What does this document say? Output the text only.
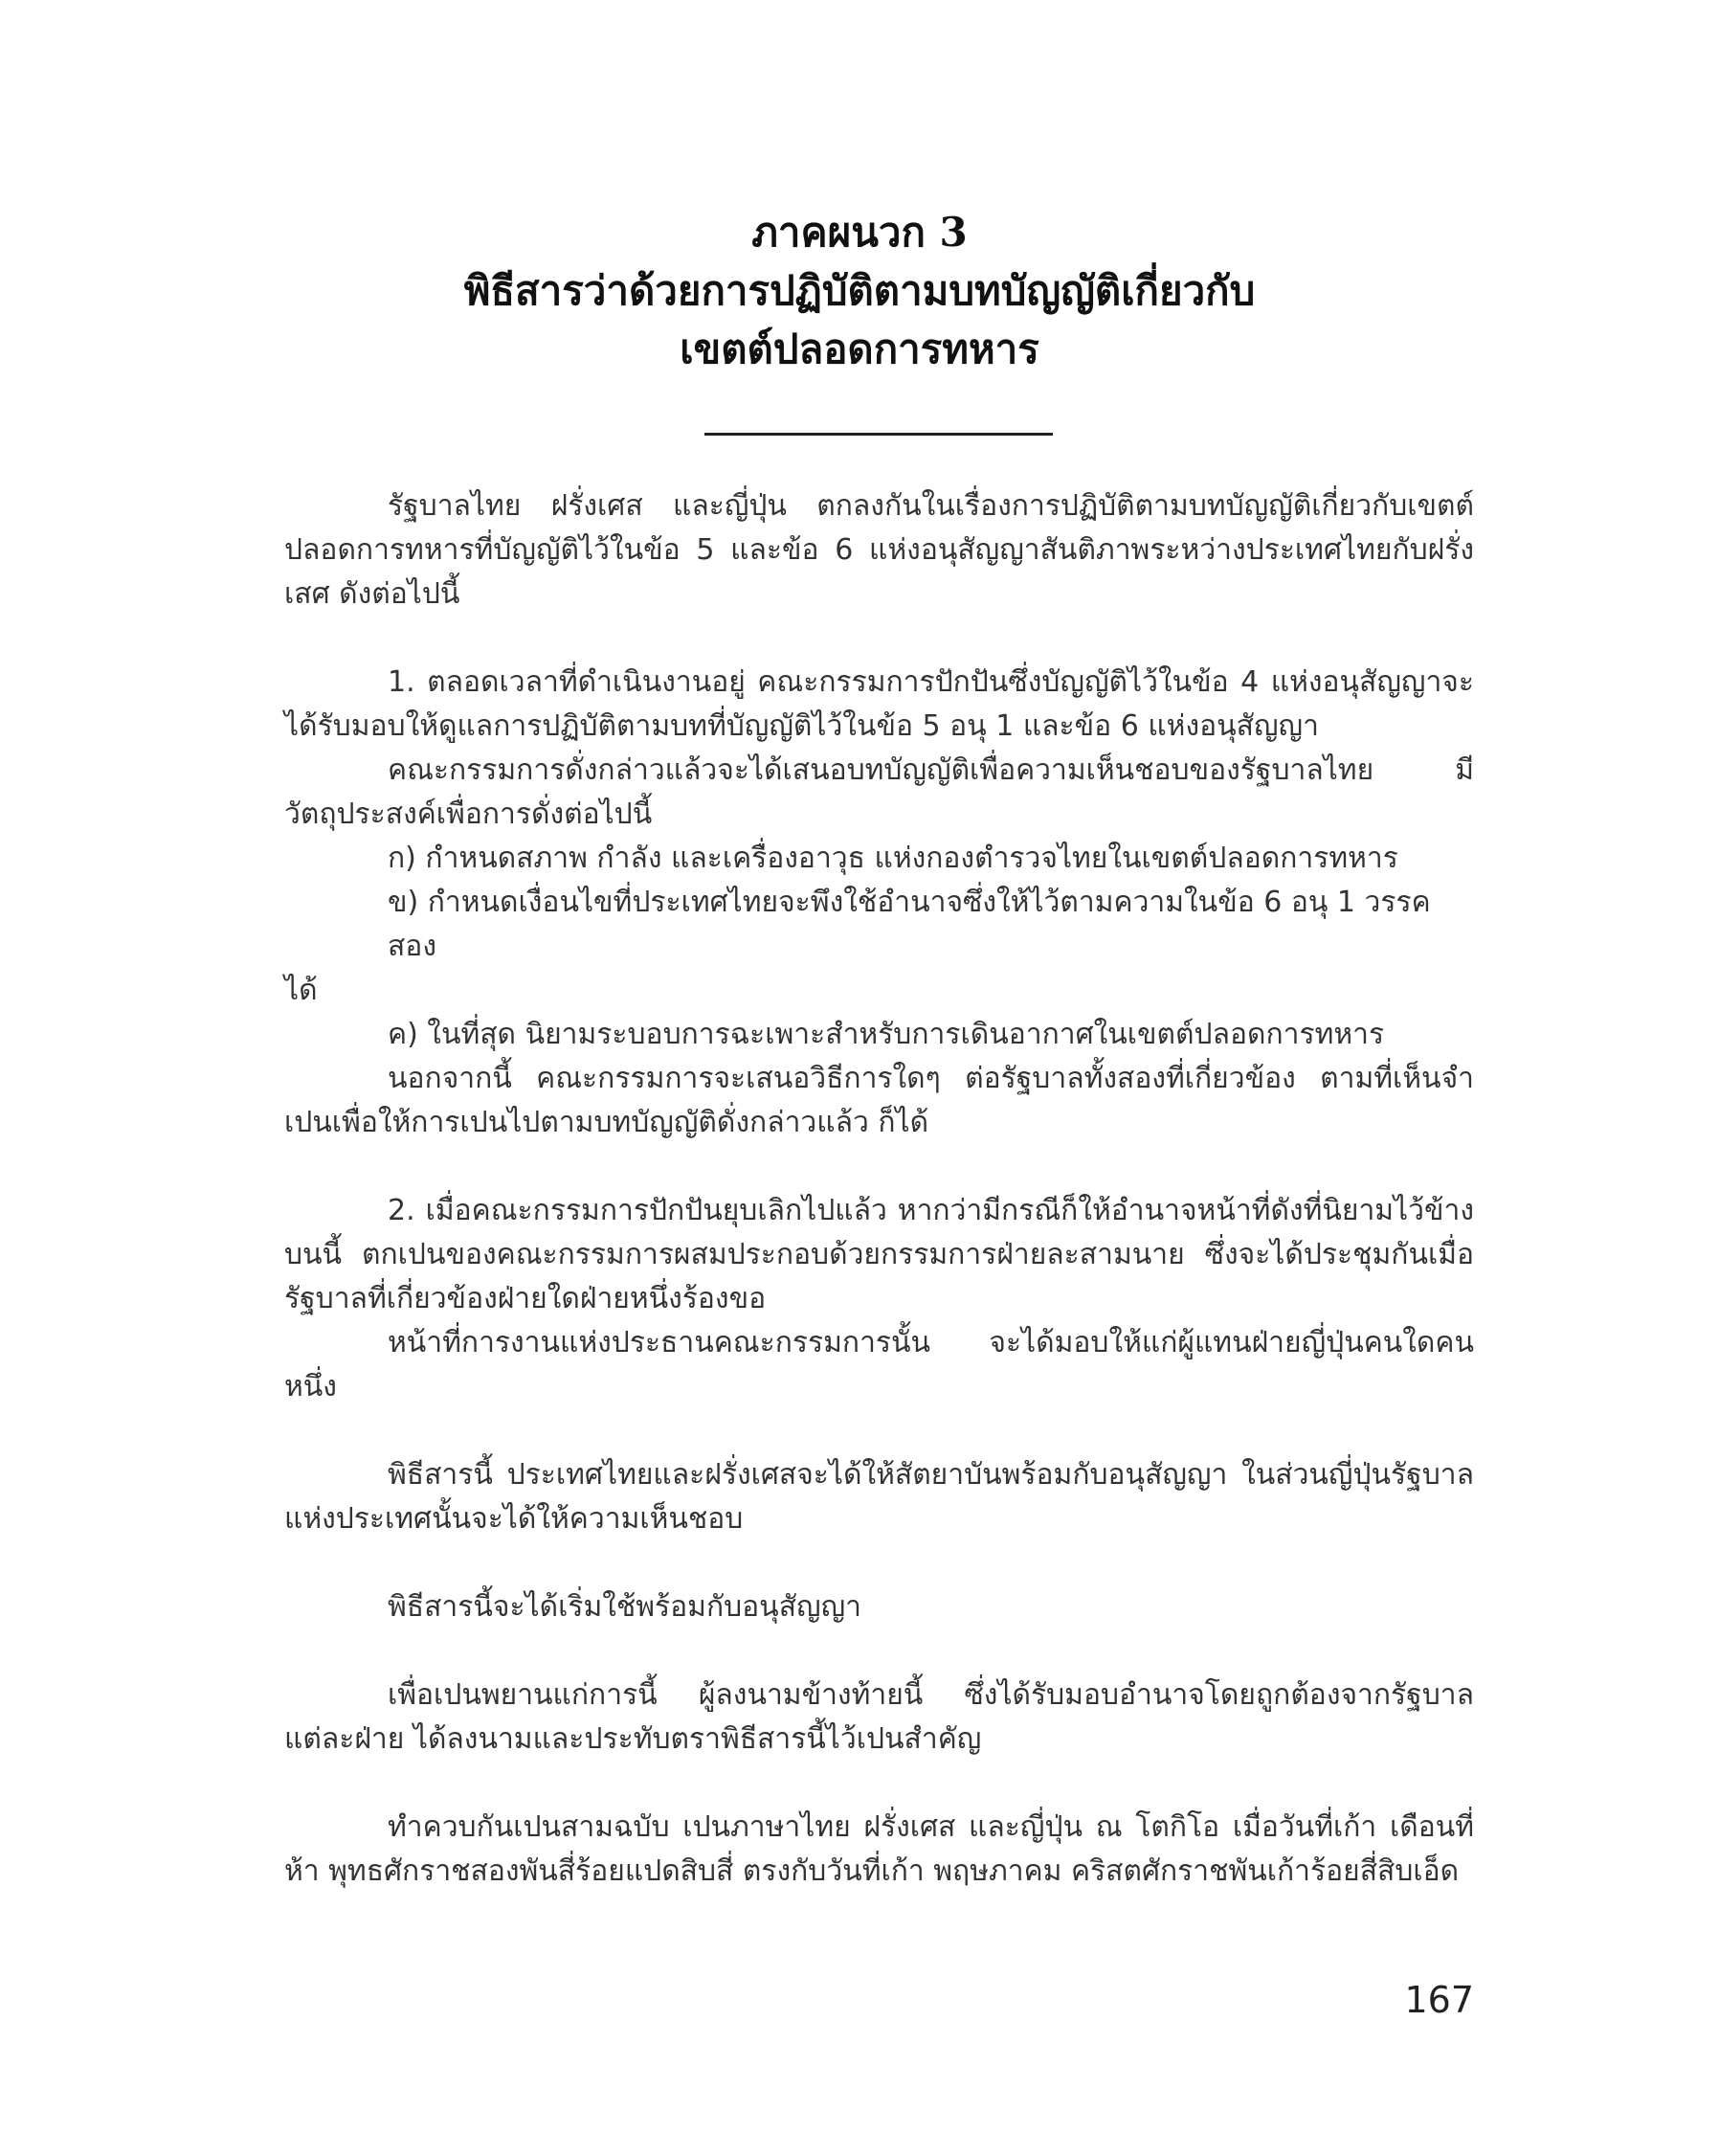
ภาคผนวก 3
พิธีสารว่าด้วยการปฏิบัติตามบทบัญญัติเกี่ยวกับ
เขตต์ปลอดการทหาร

รัฐบาลไทย ฝรั่งเศส และญี่ปุ่น ตกลงกันในเรื่องการปฏิบัติตามบทบัญญัติเกี่ยวกับเขตต์ปลอดการทหารที่บัญญัติไว้ในข้อ 5 และข้อ 6 แห่งอนุสัญญาสันติภาพระหว่างประเทศไทยกับฝรั่งเสศ ดังต่อไปนี้

1. ตลอดเวลาที่ดำเนินงานอยู่ คณะกรรมการปักปันซึ่งบัญญัติไว้ในข้อ 4 แห่งอนุสัญญาจะได้รับมอบให้ดูแลการปฏิบัติตามบทที่บัญญัติไว้ในข้อ 5 อนุ 1 และข้อ 6 แห่งอนุสัญญา

คณะกรรมการดั่งกล่าวแล้วจะได้เสนอบทบัญญัติเพื่อความเห็นชอบของรัฐบาลไทย มีวัตถุประสงค์เพื่อการดั่งต่อไปนี้

ก) กำหนดสภาพ กำลัง และเครื่องอาวุธ แห่งกองตำรวจไทยในเขตต์ปลอดการทหาร

ข) กำหนดเงื่อนไขที่ประเทศไทยจะพึงใช้อำนาจซึ่งให้ไว้ตามความในข้อ 6 อนุ 1 วรรคสอง
ได้

ค) ในที่สุด นิยามระบอบการฉะเพาะสำหรับการเดินอากาศในเขตต์ปลอดการทหาร

นอกจากนี้ คณะกรรมการจะเสนอวิธีการใดๆ ต่อรัฐบาลทั้งสองที่เกี่ยวข้อง ตามที่เห็นจำเปนเพื่อให้การเปนไปตามบทบัญญัติดั่งกล่าวแล้ว ก็ได้

2. เมื่อคณะกรรมการปักปันยุบเลิกไปแล้ว หากว่ามีกรณีก็ให้อำนาจหน้าที่ดังที่นิยามไว้ข้างบนนี้ ตกเปนของคณะกรรมการผสมประกอบด้วยกรรมการฝ่ายละสามนาย ซึ่งจะได้ประชุมกันเมื่อรัฐบาลที่เกี่ยวข้องฝ่ายใดฝ่ายหนึ่งร้องขอ

หน้าที่การงานแห่งประธานคณะกรรมการนั้น จะได้มอบให้แก่ผู้แทนฝ่ายญี่ปุ่นคนใดคนหนึ่ง

พิธีสารนี้ ประเทศไทยและฝรั่งเศสจะได้ให้สัตยาบันพร้อมกับอนุสัญญา ในส่วนญี่ปุ่นรัฐบาลแห่งประเทศนั้นจะได้ให้ความเห็นชอบ

พิธีสารนี้จะได้เริ่มใช้พร้อมกับอนุสัญญา

เพื่อเปนพยานแก่การนี้ ผู้ลงนามข้างท้ายนี้ ซึ่งได้รับมอบอำนาจโดยถูกต้องจากรัฐบาลแต่ละฝ่าย ได้ลงนามและประทับตราพิธีสารนี้ไว้เปนสำคัญ

ทำควบกันเปนสามฉบับ เปนภาษาไทย ฝรั่งเศส และญี่ปุ่น ณ โตกิโอ เมื่อวันที่เก้า เดือนที่ห้า พุทธศักราชสองพันสี่ร้อยแปดสิบสี่ ตรงกับวันที่เก้า พฤษภาคม คริสตศักราชพันเก้าร้อยสี่สิบเอ็ด

167
